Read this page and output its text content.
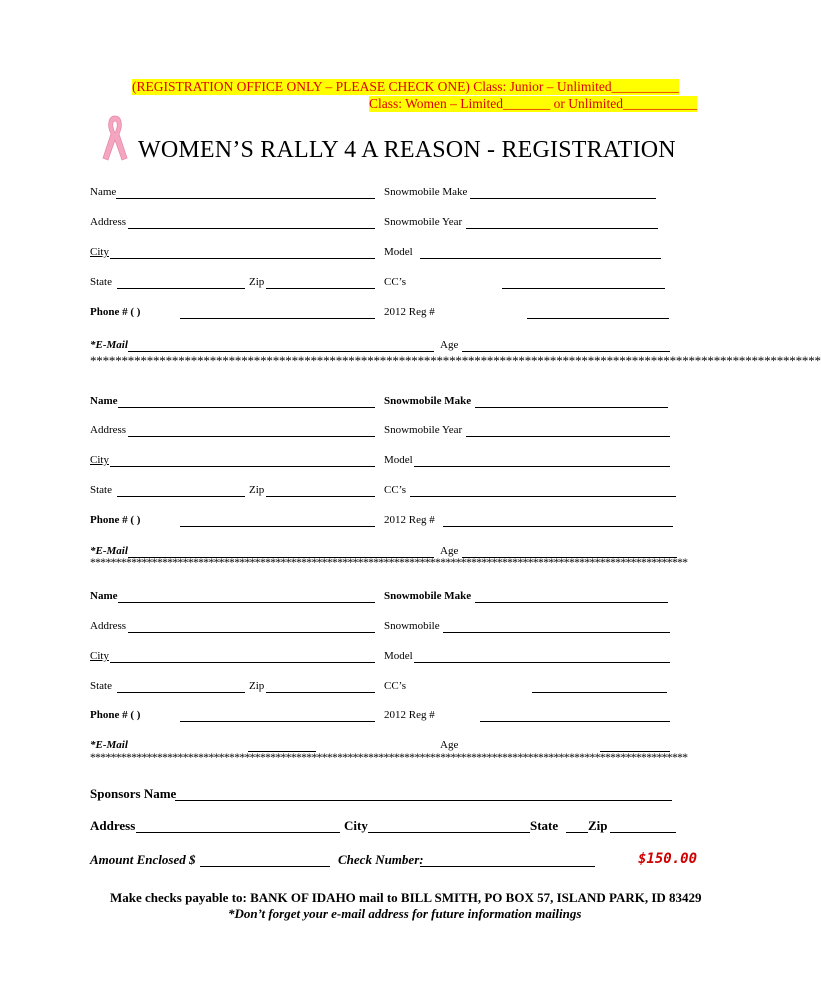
(REGISTRATION OFFICE ONLY – PLEASE CHECK ONE) Class: Junior – Unlimited__________
Class: Women – Limited_______ or Unlimited___________
WOMEN’S RALLY 4 A REASON - REGISTRATION
Name	Snowmobile Make
Address	Snowmobile Year
City	Model
State	Zip	CC’s
Phone # ( )	2012 Reg #
*E-Mail	Age
********************************************************************************************************************
Name	Snowmobile Make
Address	Snowmobile Year
City	Model
State	Zip	CC’s
Phone # ( )	2012 Reg #
*E-Mail	Age
********************************************************************************************************************
Name	Snowmobile Make
Address	Snowmobile
City	Model
State	Zip	CC’s
Phone # ( )	2012 Reg #
*E-Mail	Age
********************************************************************************************************************
Sponsors Name
Address	City	State Zip
Amount Enclosed $	Check Number:	$150.00
Make checks payable to: BANK OF IDAHO mail to BILL SMITH, PO BOX 57, ISLAND PARK, ID 83429
*Don’t forget your e-mail address for future information mailings
